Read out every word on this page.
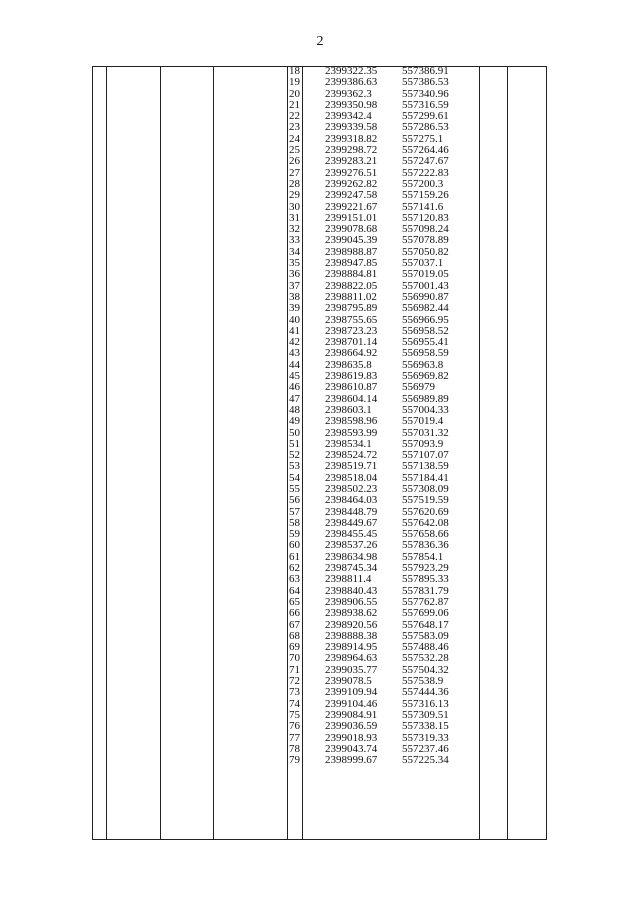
2
18 2399322.35 557386.91
19 2399386.63 557386.53
20 2399362.3	557340.96
21 2399350.98 557316.59
22 2399342.4	557299.61
23 2399339.58 557286.53
24 2399318.82 557275.1
25 2399298.72 557264.46
26 2399283.21 557247.67
27 2399276.51 557222.83
28 2399262.82 557200.3
29 2399247.58 557159.26
30 2399221.67 557141.6
31 2399151.01 557120.83
32 2399078.68 557098.24
33 2399045.39 557078.89
34 2398988.87 557050.82
35 2398947.85 557037.1
36 2398884.81 557019.05
37 2398822.05 557001.43
38 2398811.02 556990.87
39 2398795.89 556982.44
40 2398755.65 556966.95
41 2398723.23 556958.52
42 2398701.14 556955.41
43 2398664.92 556958.59
44 2398635.8	556963.8
45 2398619.83 556969.82
46 2398610.87 556979
47 2398604.14 556989.89
48 2398603.1	557004.33
49 2398598.96 557019.4
50 2398593.99 557031.32
51 2398534.1	557093.9
52 2398524.72 557107.07
53 2398519.71 557138.59
54 2398518.04 557184.41
55 2398502.23 557308.09
56 2398464.03 557519.59
57 2398448.79 557620.69
58 2398449.67 557642.08
59 2398455.45 557658.66
60 2398537.26 557836.36
61 2398634.98 557854.1
62 2398745.34 557923.29
63 2398811.4	557895.33
64 2398840.43 557831.79
65 2398906.55 557762.87
66 2398938.62 557699.06
67 2398920.56 557648.17
68 2398888.38 557583.09
69 2398914.95 557488.46
70 2398964.63 557532.28
71 2399035.77 557504.32
72 2399078.5	557538.9
73 2399109.94 557444.36
74 2399104.46 557316.13
75 2399084.91 557309.51
76 2399036.59 557338.15
77 2399018.93 557319.33
78 2399043.74 557237.46
79 2398999.67 557225.34
